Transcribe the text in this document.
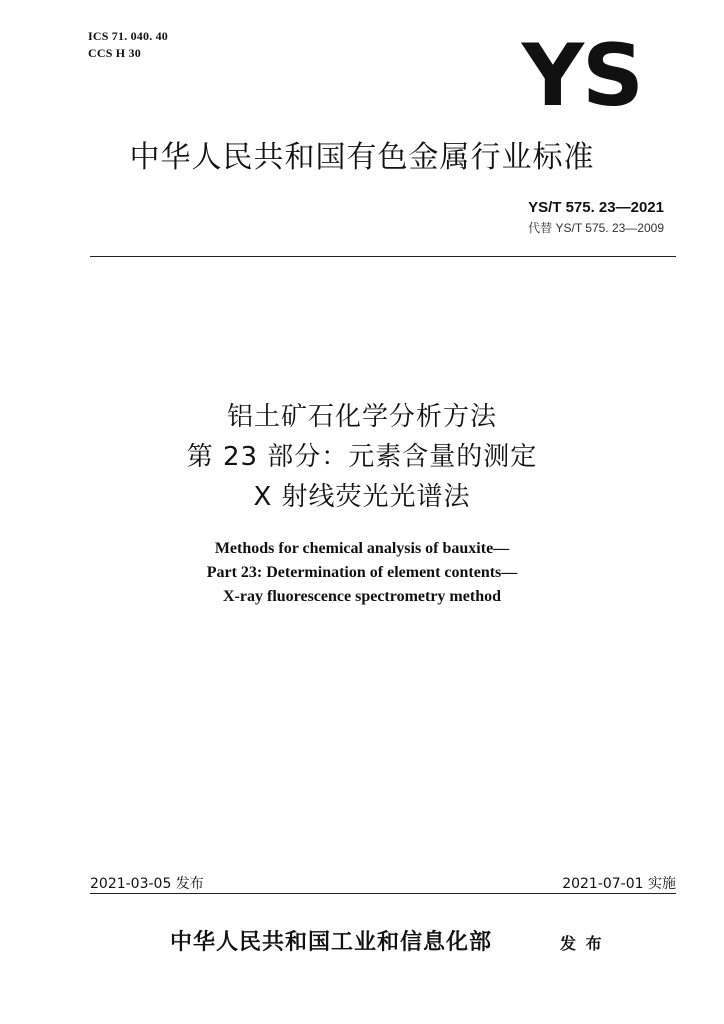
ICS 71. 040. 40
CCS H 30	YS
中华人民共和国有色金属行业标准
YS/T 575. 23—2021
代替 YS/T 575. 23—2009
铝土矿石化学分析方法
第 23 部分：元素含量的测定
X 射线荧光光谱法
Methods for chemical analysis of bauxite—
Part 23: Determination of element contents—
X-ray fluorescence spectrometry method
2021-03-05 发布	2021-07-01 实施
中华人民共和国工业和信息化部	发 布
